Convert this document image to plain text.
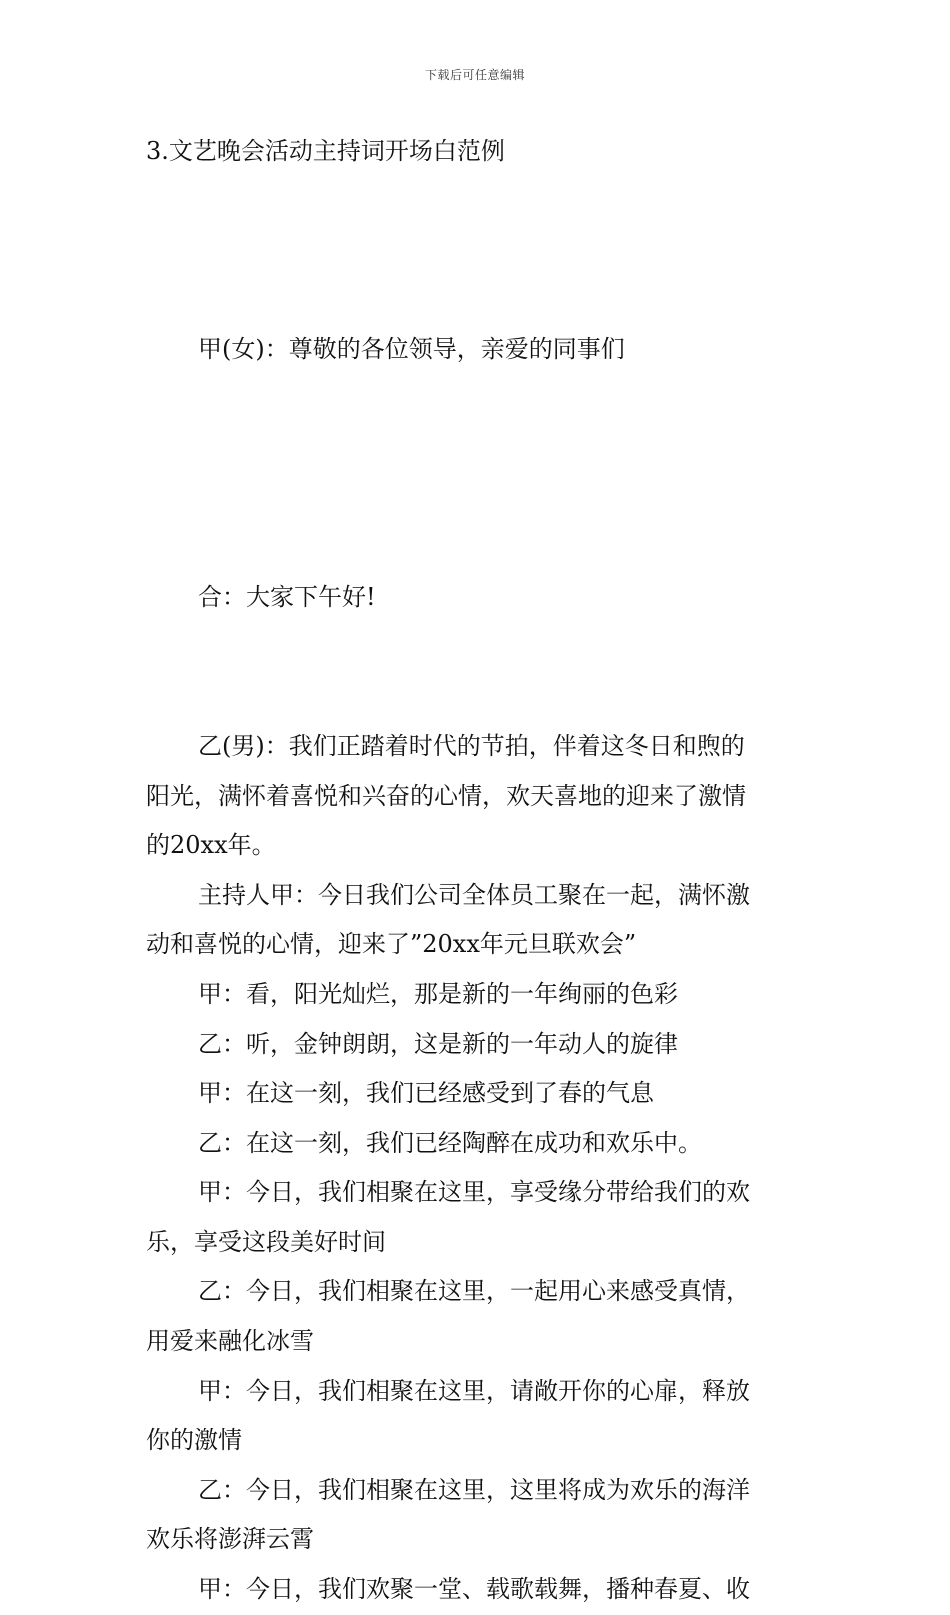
下载后可任意编辑
3.文艺晚会活动主持词开场白范例

甲(女)：尊敬的各位领导，亲爱的同事们

合：大家下午好!

乙(男)：我们正踏着时代的节拍，伴着这冬日和煦的
阳光，满怀着喜悦和兴奋的心情，欢天喜地的迎来了激情
的20xx年。

主持人甲：今日我们公司全体员工聚在一起，满怀激
动和喜悦的心情，迎来了”20xx年元旦联欢会”

甲：看，阳光灿烂，那是新的一年绚丽的色彩

乙：听，金钟朗朗，这是新的一年动人的旋律

甲：在这一刻，我们已经感受到了春的气息

乙：在这一刻，我们已经陶醉在成功和欢乐中。

甲：今日，我们相聚在这里，享受缘分带给我们的欢
乐，享受这段美好时间

乙：今日，我们相聚在这里，一起用心来感受真情，
用爱来融化冰雪

甲：今日，我们相聚在这里，请敞开你的心扉，释放
你的激情

乙：今日，我们相聚在这里，这里将成为欢乐的海洋
欢乐将澎湃云霄

甲：今日，我们欢聚一堂、载歌载舞，播种春夏、收
